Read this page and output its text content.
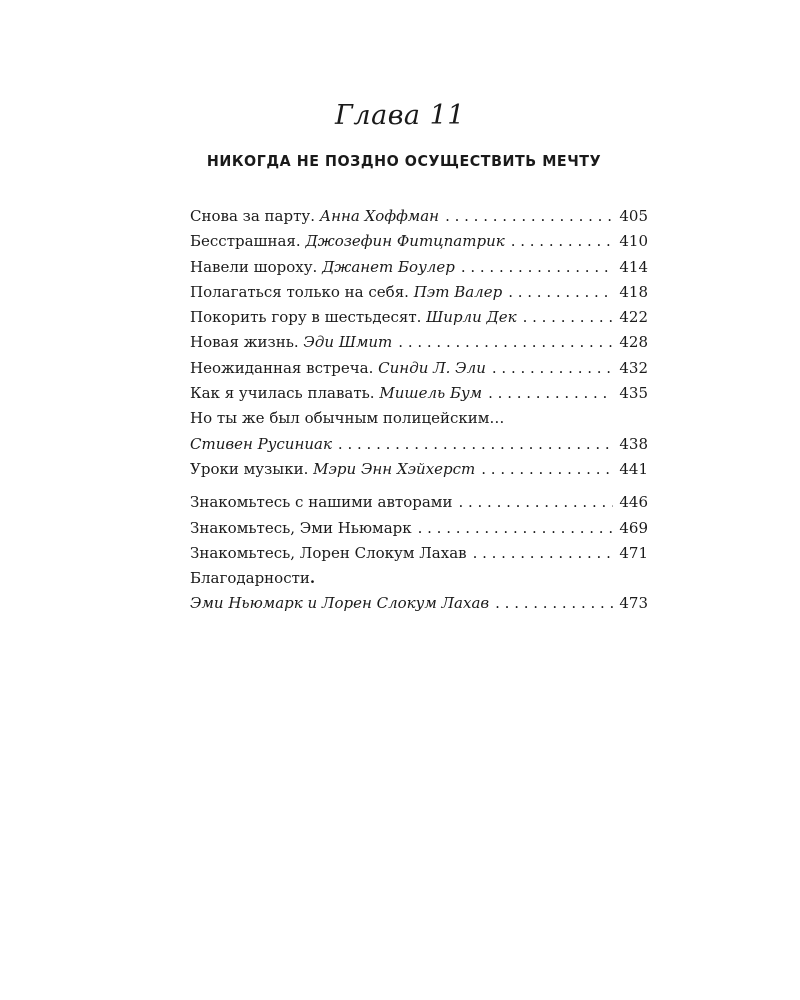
Глава 11
НИКОГДА НЕ ПОЗДНО ОСУЩЕСТВИТЬ МЕЧТУ
Снова за парту. Анна Хоффман . . .	405
Бесстрашная. Джозефин Фитцпатрик . . .	410
Навели шороху. Джанет Боулер . . .	414
Полагаться только на себя. Пэт Валер . . .	418
Покорить гору в шестьдесят. Ширли Дек . . .	422
Новая жизнь. Эди Шмит . . .	428
Неожиданная встреча. Синди Л. Эли . . .	432
Как я училась плавать. Мишель Бум . . .	435
Но ты же был обычным полицейским…
Стивен Русиниак . . .	438
Уроки музыки. Мэри Энн Хэйхерст . . .	441
Знакомьтесь с нашими авторами . . .	446
Знакомьтесь, Эми Ньюмарк . . .	469
Знакомьтесь, Лорен Слокум Лахав . . .	471
Благодарности.
Эми Ньюмарк и Лорен Слокум Лахав . . .	473
